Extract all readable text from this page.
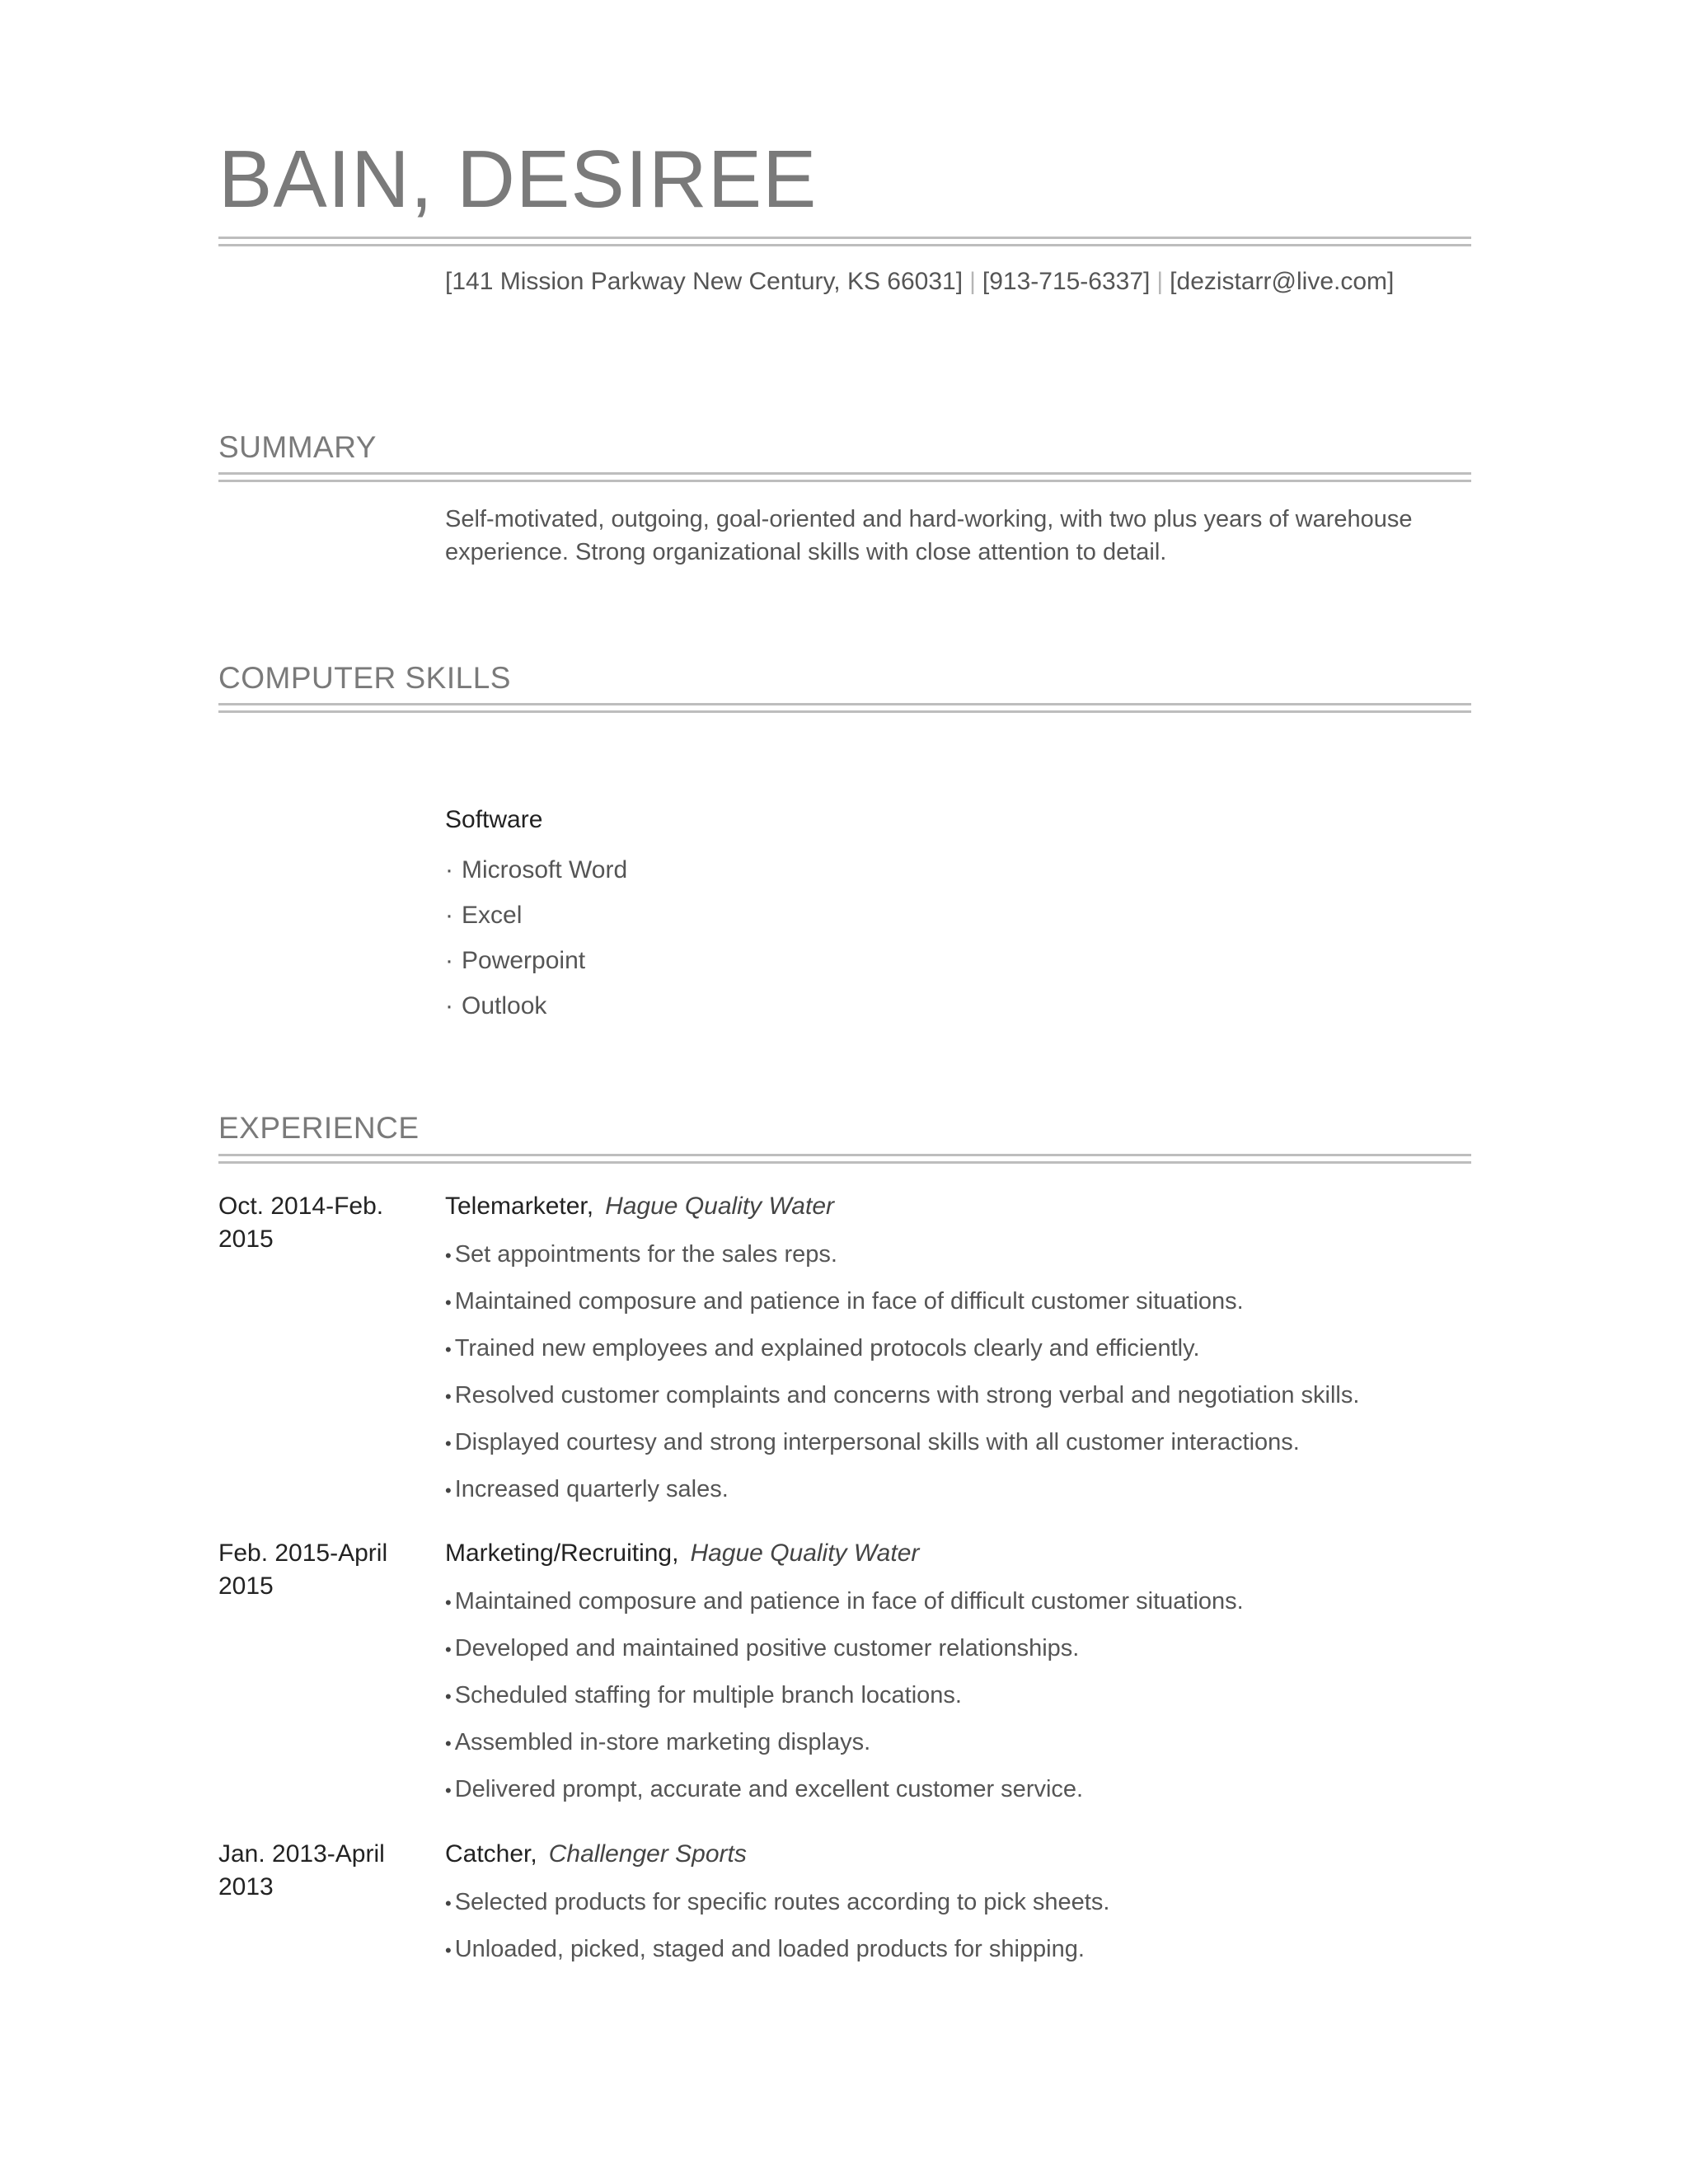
BAIN, DESIREE
[141 Mission Parkway New Century, KS 66031] | [913-715-6337] | [dezistarr@live.com]
SUMMARY
Self-motivated, outgoing, goal-oriented and hard-working, with two plus years of warehouse experience. Strong organizational skills with close attention to detail.
COMPUTER SKILLS
Software
· Microsoft Word
· Excel
· Powerpoint
· Outlook
EXPERIENCE
Oct. 2014-Feb. 2015
Telemarketer, Hague Quality Water
• Set appointments for the sales reps.
• Maintained composure and patience in face of difficult customer situations.
• Trained new employees and explained protocols clearly and efficiently.
• Resolved customer complaints and concerns with strong verbal and negotiation skills.
• Displayed courtesy and strong interpersonal skills with all customer interactions.
• Increased quarterly sales.
Feb. 2015-April 2015
Marketing/Recruiting, Hague Quality Water
• Maintained composure and patience in face of difficult customer situations.
• Developed and maintained positive customer relationships.
• Scheduled staffing for multiple branch locations.
• Assembled in-store marketing displays.
• Delivered prompt, accurate and excellent customer service.
Jan. 2013-April 2013
Catcher, Challenger Sports
• Selected products for specific routes according to pick sheets.
• Unloaded, picked, staged and loaded products for shipping.
